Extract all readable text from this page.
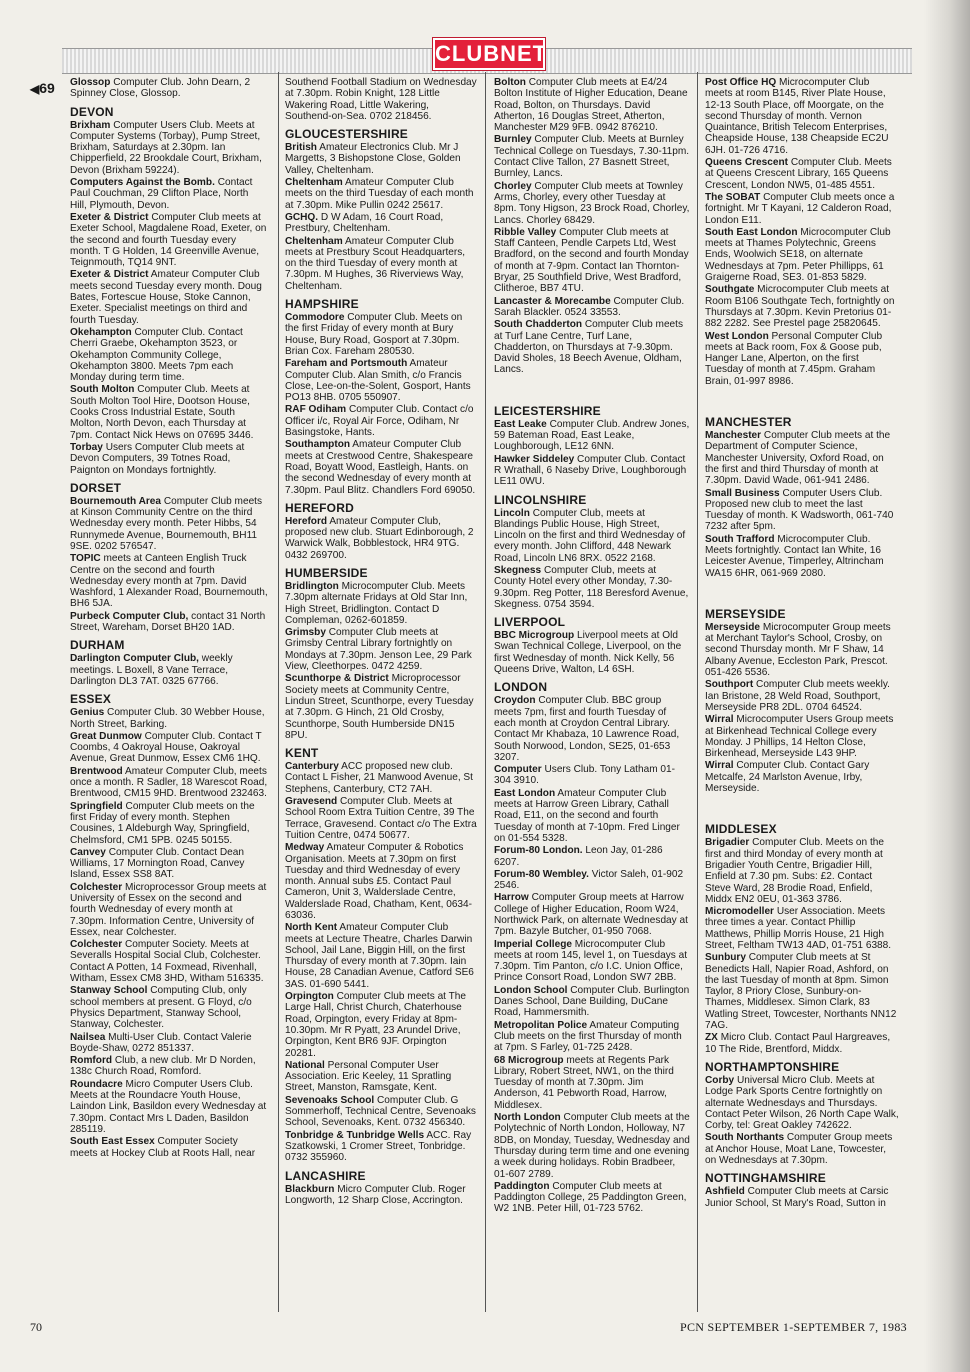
CLUBNET
◀69 Glossop Computer Club. John Dearn, 2 Spinney Close, Glossop.
DEVON
Brixham Computer Users Club. Meets at Computer Systems (Torbay), Pump Street, Brixham, Saturdays at 2.30pm. Ian Chipperfield, 22 Brookdale Court, Brixham, Devon (Brixham 59224).
Computers Against the Bomb. Contact Paul Couchman, 29 Clifton Place, North Hill, Plymouth, Devon.
Exeter & District Computer Club meets at Exeter School, Magdalene Road, Exeter, on the second and fourth Tuesday every month. T G Holden, 14 Greenville Avenue, Teignmouth, TQ14 9NT.
Exeter & District Amateur Computer Club meets second Tuesday every month. Doug Bates, Fortescue House, Stoke Cannon, Exeter. Specialist meetings on third and fourth Tuesday.
Okehampton Computer Club. Contact Cherri Graebe, Okehampton 3523, or Okehampton Community College, Okehampton 3800. Meets 7pm each Monday during term time.
South Molton Computer Club. Meets at South Molton Tool Hire, Dootson House, Cooks Cross Industrial Estate, South Molton, North Devon, each Thursday at 7pm. Contact Nick Hews on 07695 3446.
Torbay Users Computer Club meets at Devon Computers, 39 Totnes Road, Paignton on Mondays fortnightly.
DORSET
Bournemouth Area Computer Club meets at Kinson Community Centre on the third Wednesday every month. Peter Hibbs, 54 Runnymede Avenue, Bournemouth, BH11 9SE. 0202 576547.
TOPIC meets at Canteen English Truck Centre on the second and fourth Wednesday every month at 7pm. David Washford, 1 Alexander Road, Bournemouth, BH6 5JA.
Purbeck Computer Club, contact 31 North Street, Wareham, Dorset BH20 1AD.
DURHAM
Darlington Computer Club, weekly meetings. L Boxell, 8 Vane Terrace, Darlington DL3 7AT. 0325 67766.
ESSEX
Genius Computer Club. 30 Webber House, North Street, Barking.
Great Dunmow Computer Club. Contact T Coombs, 4 Oakroyal House, Oakroyal Avenue, Great Dunmow, Essex CM6 1HQ.
Brentwood Amateur Computer Club, meets once a month. R Sadler, 18 Warescot Road, Brentwood, CM15 9HD. Brentwood 232463.
Springfield Computer Club meets on the first Friday of every month. Stephen Cousines, 1 Aldeburgh Way, Springfield, Chelmsford, CM1 5PB. 0245 50155.
Canvey Computer Club. Contact Dean Williams, 17 Mornington Road, Canvey Island, Essex SS8 8AT.
Colchester Microprocessor Group meets at University of Essex on the second and fourth Wednesday of every month at 7.30pm. Information Centre, University of Essex, near Colchester.
Colchester Computer Society. Meets at Severalls Hospital Social Club, Colchester. Contact A Potten, 14 Foxmead, Rivenhall, Witham, Essex CM8 3HD, Witham 516335.
Stanway School Computing Club, only school members at present. G Floyd, c/o Physics Department, Stanway School, Stanway, Colchester.
Nailsea Multi-User Club. Contact Valerie Boyde-Shaw, 0272 851337.
Romford Club, a new club. Mr D Norden, 138c Church Road, Romford.
Roundacre Micro Computer Users Club. Meets at the Roundacre Youth House, Laindon Link, Basildon every Wednesday at 7.30pm. Contact Mrs L Daden, Basildon 285119.
South East Essex Computer Society meets at Hockey Club at Roots Hall, near
Southend Football Stadium on Wednesday at 7.30pm. Robin Knight, 128 Little Wakering Road, Little Wakering, Southend-on-Sea. 0702 218456.
GLOUCESTERSHIRE
British Amateur Electronics Club. Mr J Margetts, 3 Bishopstone Close, Golden Valley, Cheltenham.
Cheltenham Amateur Computer Club meets on the third Tuesday of each month at 7.30pm. Mike Pullin 0242 25617.
GCHQ. D W Adam, 16 Court Road, Prestbury, Cheltenham.
Cheltenham Amateur Computer Club meets at Prestbury Scout Headquarters, on the third Tuesday of every month at 7.30pm. M Hughes, 36 Riverviews Way, Cheltenham.
HAMPSHIRE
Commodore Computer Club. Meets on the first Friday of every month at Bury House, Bury Road, Gosport at 7.30pm. Brian Cox. Fareham 280530.
Fareham and Portsmouth Amateur Computer Club. Alan Smith, c/o Francis Close, Lee-on-the-Solent, Gosport, Hants PO13 8HB. 0705 550907.
RAF Odiham Computer Club. Contact c/o Officer i/c, Royal Air Force, Odiham, Nr Basingstoke, Hants.
Southampton Amateur Computer Club meets at Crestwood Centre, Shakespeare Road, Boyatt Wood, Eastleigh, Hants. on the second Wednesday of every month at 7.30pm. Paul Blitz. Chandlers Ford 69050.
HEREFORD
Hereford Amateur Computer Club, proposed new club. Stuart Edinborough, 2 Warwick Walk, Bobblestock, HR4 9TG. 0432 269700.
HUMBERSIDE
Bridlington Microcomputer Club. Meets 7.30pm alternate Fridays at Old Star Inn, High Street, Bridlington. Contact D Compleman, 0262-601859.
Grimsby Computer Club meets at Grimsby Central Library fortnightly on Mondays at 7.30pm. Jenson Lee, 29 Park View, Cleethorpes. 0472 4259.
Scunthorpe & District Microprocessor Society meets at Community Centre, Lindun Street, Scunthorpe, every Tuesday at 7.30pm. G Hinch, 21 Old Crosby, Scunthorpe, South Humberside DN15 8PU.
KENT
Canterbury ACC proposed new club. Contact L Fisher, 21 Manwood Avenue, St Stephens, Canterbury, CT2 7AH.
Gravesend Computer Club. Meets at School Room Extra Tuition Centre, 39 The Terrace, Gravesend. Contact c/o The Extra Tuition Centre, 0474 50677.
Medway Amateur Computer & Robotics Organisation. Meets at 7.30pm on first Tuesday and third Wednesday of every month. Annual subs £5. Contact Paul Cameron, Unit 3, Walderslade Centre, Walderslade Road, Chatham, Kent, 0634-63036.
North Kent Amateur Computer Club meets at Lecture Theatre, Charles Darwin School, Jail Lane, Biggin Hill, on the first Thursday of every month at 7.30pm. Iain House, 28 Canadian Avenue, Catford SE6 3AS. 01-690 5441.
Orpington Computer Club meets at The Large Hall, Christ Church, Chaterhouse Road, Orpington, every Friday at 8pm-10.30pm. Mr R Pyatt, 23 Arundel Drive, Orpington, Kent BR6 9JF. Orpington 20281.
National Personal Computer User Association. Eric Keeley, 11 Spratling Street, Manston, Ramsgate, Kent.
Sevenoaks School Computer Club. G Sommerhoff, Technical Centre, Sevenoaks School, Sevenoaks, Kent. 0732 456340.
Tonbridge & Tunbridge Wells ACC. Ray Szatkowski, 1 Cromer Street, Tonbridge. 0732 355960.
LANCASHIRE
Blackburn Micro Computer Club. Roger Longworth, 12 Sharp Close, Accrington.
Bolton Computer Club meets at E4/24 Bolton Institute of Higher Education, Deane Road, Bolton, on Thursdays. David Atherton, 16 Douglas Street, Atherton, Manchester M29 9FB. 0942 876210.
Burnley Computer Club. Meets at Burnley Technical College on Tuesdays, 7.30-11pm. Contact Clive Tallon, 27 Basnett Street, Burnley, Lancs.
Chorley Computer Club meets at Townley Arms, Chorley, every other Tuesday at 8pm. Tony Higson, 23 Brock Road, Chorley, Lancs. Chorley 68429.
Ribble Valley Computer Club meets at Staff Canteen, Pendle Carpets Ltd, West Bradford, on the second and fourth Monday of month at 7-9pm. Contact Ian Thornton-Bryar, 25 Southfield Drive, West Bradford, Clitheroe, BB7 4TU.
Lancaster & Morecambe Computer Club. Sarah Blackler. 0524 33553.
South Chadderton Computer Club meets at Turf Lane Centre, Turf Lane, Chadderton, on Thursdays at 7-9.30pm. David Sholes, 18 Beech Avenue, Oldham, Lancs.
LEICESTERSHIRE
East Leake Computer Club. Andrew Jones, 59 Bateman Road, East Leake, Loughborough, LE12 6NN.
Hawker Siddeley Computer Club. Contact R Wrathall, 6 Naseby Drive, Loughborough LE11 0WU.
LINCOLNSHIRE
Lincoln Computer Club, meets at Blandings Public House, High Street, Lincoln on the first and third Wednesday of every month. John Clifford, 448 Newark Road, Lincoln LN6 8RX. 0522 2168.
Skegness Computer Club, meets at County Hotel every other Monday, 7.30-9.30pm. Reg Potter, 118 Beresford Avenue, Skegness. 0754 3594.
LIVERPOOL
BBC Microgroup Liverpool meets at Old Swan Technical College, Liverpool, on the first Wednesday of month. Nick Kelly, 56 Queens Drive, Walton, L4 6SH.
LONDON
Croydon Computer Club. BBC group meets 7pm, first and fourth Tuesday of each month at Croydon Central Library. Contact Mr Khabaza, 10 Lawrence Road, South Norwood, London, SE25, 01-653 3207.
Computer Users Club. Tony Latham 01-304 3910.
East London Amateur Computer Club meets at Harrow Green Library, Cathall Road, E11, on the second and fourth Tuesday of month at 7-10pm. Fred Linger on 01-554 5328.
Forum-80 London. Leon Jay, 01-286 6207.
Forum-80 Wembley. Victor Saleh, 01-902 2546.
Harrow Computer Group meets at Harrow College of Higher Education, Room W24, Northwick Park, on alternate Wednesday at 7pm. Bazyle Butcher, 01-950 7068.
Imperial College Microcomputer Club meets at room 145, level 1, on Tuesdays at 7.30pm. Tim Panton, c/o I.C. Union Office, Prince Consort Road, London SW7 2BB.
London School Computer Club. Burlington Danes School, Dane Building, DuCane Road, Hammersmith.
Metropolitan Police Amateur Computing Club meets on the first Thursday of month at 7pm. S Farley, 01-725 2428.
68 Microgroup meets at Regents Park Library, Robert Street, NW1, on the third Tuesday of month at 7.30pm. Jim Anderson, 41 Pebworth Road, Harrow, Middlesex.
North London Computer Club meets at the Polytechnic of North London, Holloway, N7 8DB, on Monday, Tuesday, Wednesday and Thursday during term time and one evening a week during holidays. Robin Bradbeer, 01-607 2789.
Paddington Computer Club meets at Paddington College, 25 Paddington Green, W2 1NB. Peter Hill, 01-723 5762.
Post Office HQ Microcomputer Club meets at room B145, River Plate House, 12-13 South Place, off Moorgate, on the second Thursday of month. Vernon Quaintance, British Telecom Enterprises, Cheapside House, 138 Cheapside EC2U 6JH. 01-726 4716.
Queens Crescent Computer Club. Meets at Queens Crescent Library, 165 Queens Crescent, London NW5, 01-485 4551.
The SOBAT Computer Club meets once a fortnight. Mr T Kayani, 12 Calderon Road, London E11.
South East London Microcomputer Club meets at Thames Polytechnic, Greens Ends, Woolwich SE18, on alternate Wednesdays at 7pm. Peter Phillipps, 61 Graigerne Road, SE3. 01-853 5829.
Southgate Microcomputer Club meets at Room B106 Southgate Tech, fortnightly on Thursdays at 7.30pm. Kevin Pretorius 01-882 2282. See Prestel page 25820645.
West London Personal Computer Club meets at Back room, Fox & Goose pub, Hanger Lane, Alperton, on the first Tuesday of month at 7.45pm. Graham Brain, 01-997 8986.
MANCHESTER
Manchester Computer Club meets at the Department of Computer Science, Manchester University, Oxford Road, on the first and third Thursday of month at 7.30pm. David Wade, 061-941 2486.
Small Business Computer Users Club. Proposed new club to meet the last Tuesday of month. K Wadsworth, 061-740 7232 after 5pm.
South Trafford Microcomputer Club. Meets fortnightly. Contact Ian White, 16 Leicester Avenue, Timperley, Altrincham WA15 6HR, 061-969 2080.
MERSEYSIDE
Merseyside Microcomputer Group meets at Merchant Taylor's School, Crosby, on second Thursday month. Mr F Shaw, 14 Albany Avenue, Eccleston Park, Prescot. 051-426 5536.
Southport Computer Club meets weekly. Ian Bristone, 28 Weld Road, Southport, Merseyside PR8 2DL. 0704 64524.
Wirral Microcomputer Users Group meets at Birkenhead Technical College every Monday. J Phillips, 14 Helton Close, Birkenhead, Merseyside L43 9HP.
Wirral Computer Club. Contact Gary Metcalfe, 24 Marlston Avenue, Irby, Merseyside.
MIDDLESEX
Brigadier Computer Club. Meets on the first and third Monday of every month at Brigadier Youth Centre, Brigadier Hill, Enfield at 7.30 pm. Subs: £2. Contact Steve Ward, 28 Brodie Road, Enfield, Middx EN2 0EU, 01-363 3786.
Micromodeller User Association. Meets three times a year. Contact Phillip Matthews, Phillip Morris House, 21 High Street, Feltham TW13 4AD, 01-751 6388.
Sunbury Computer Club meets at St Benedicts Hall, Napier Road, Ashford, on the last Tuesday of month at 8pm. Simon Taylor, 8 Priory Close, Sunbury-on-Thames, Middlesex. Simon Clark, 83 Watling Street, Towcester, Northants NN12 7AG.
ZX Micro Club. Contact Paul Hargreaves, 10 The Ride, Brentford, Middx.
NORTHAMPTONSHIRE
Corby Universal Micro Club. Meets at Lodge Park Sports Centre fortnightly on alternate Wednesdays and Thursdays. Contact Peter Wilson, 26 North Cape Walk, Corby, tel: Great Oakley 742622.
South Northants Computer Group meets at Anchor House, Moat Lane, Towcester, on Wednesdays at 7.30pm.
NOTTINGHAMSHIRE
Ashfield Computer Club meets at Carsic Junior School, St Mary's Road, Sutton in
70	PCN SEPTEMBER 1-SEPTEMBER 7, 1983
